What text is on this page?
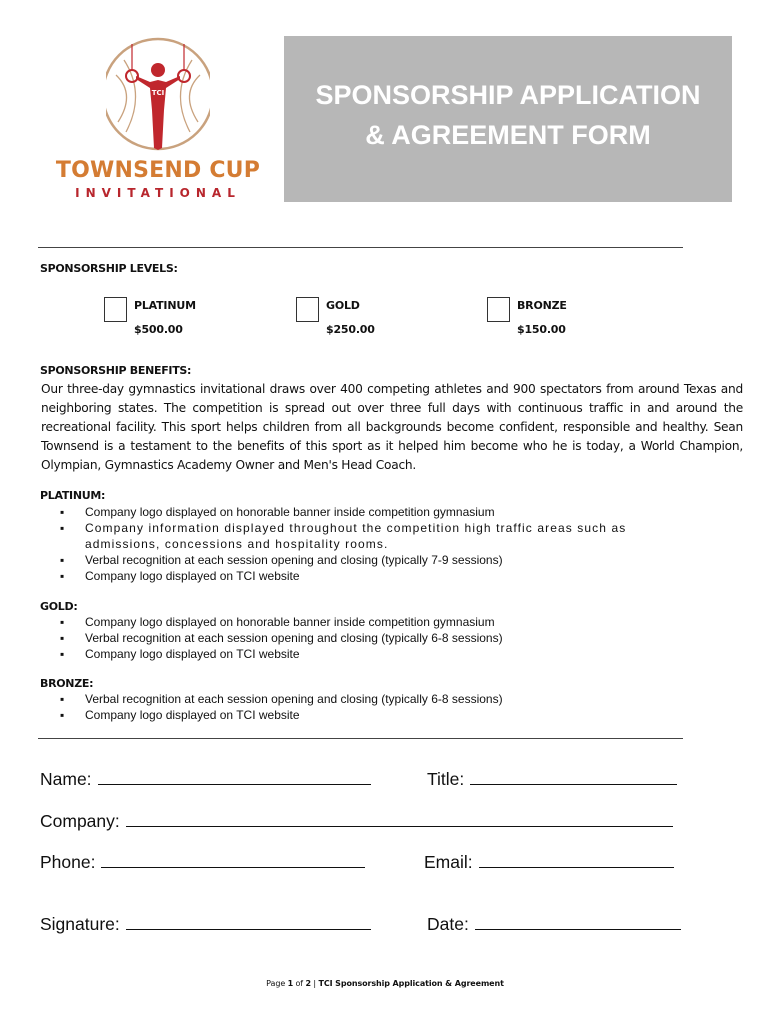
TCI
TOWNSEND CUP
INVITATIONAL
SPONSORSHIP APPLICATION
& AGREEMENT FORM
SPONSORSHIP LEVELS:
PLATINUM
$500.00
GOLD
$250.00
BRONZE
$150.00
SPONSORSHIP BENEFITS:
Our three-day gymnastics invitational draws over 400 competing athletes and 900 spectators from around Texas and neighboring states. The competition is spread out over three full days with continuous traffic in and around the recreational facility. This sport helps children from all backgrounds become confident, responsible and healthy. Sean Townsend is a testament to the benefits of this sport as it helped him become who he is today, a World Champion, Olympian, Gymnastics Academy Owner and Men's Head Coach.
PLATINUM:
▪ Company logo displayed on honorable banner inside competition gymnasium
▪ Company information displayed throughout the competition high traffic areas such as admissions, concessions and hospitality rooms.
▪ Verbal recognition at each session opening and closing (typically 7-9 sessions)
▪ Company logo displayed on TCI website
GOLD:
▪ Company logo displayed on honorable banner inside competition gymnasium
▪ Verbal recognition at each session opening and closing (typically 6-8 sessions)
▪ Company logo displayed on TCI website
BRONZE:
▪ Verbal recognition at each session opening and closing (typically 6-8 sessions)
▪ Company logo displayed on TCI website
Name:	Title:
Company:
Phone:	Email:
Signature:	Date:
Page 1 of 2 | TCI Sponsorship Application & Agreement
